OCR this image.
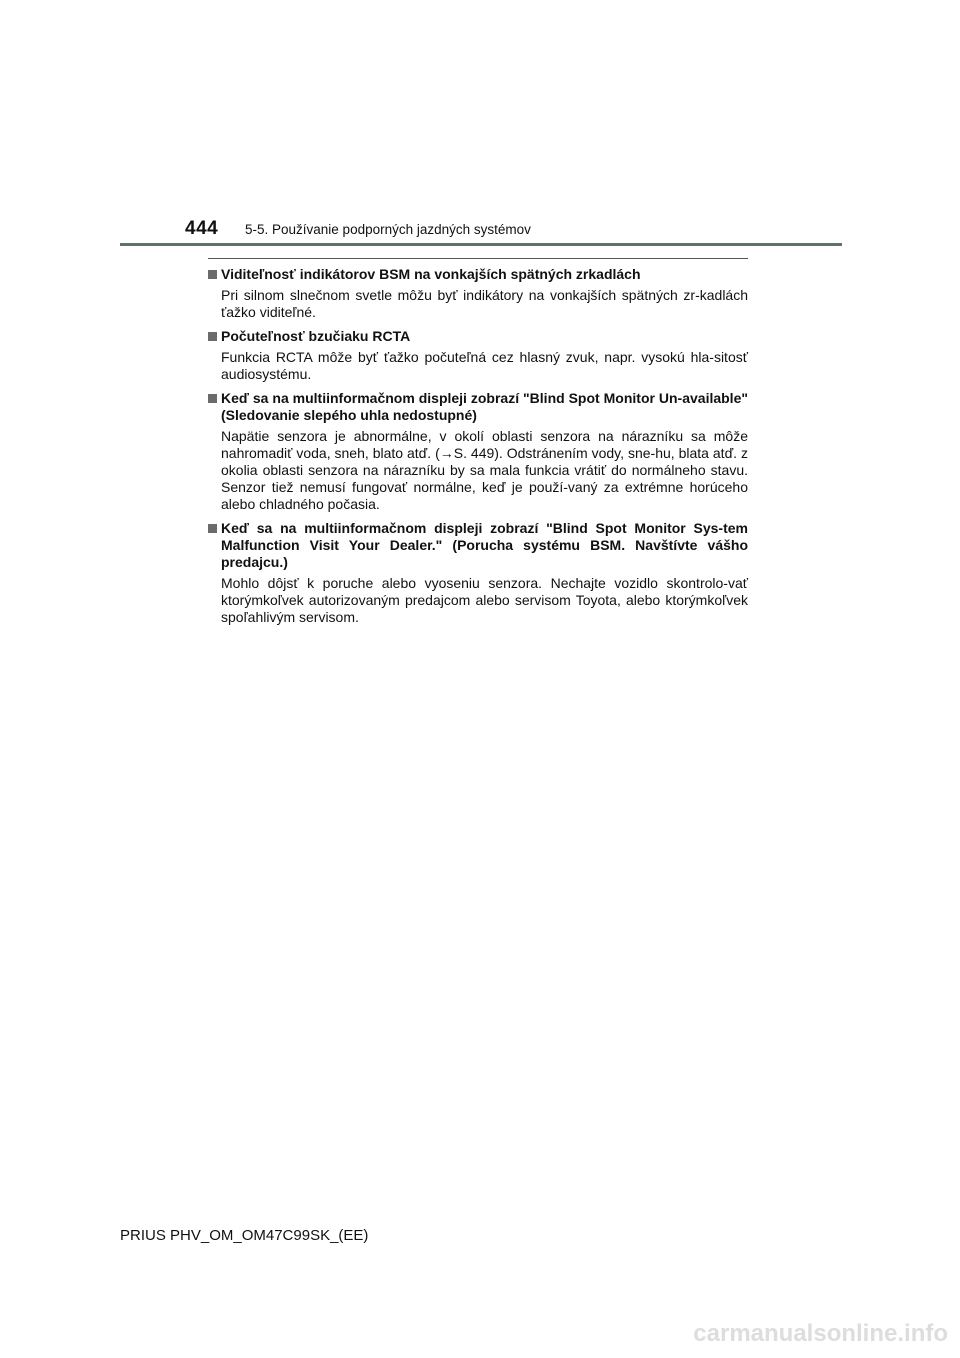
444 5-5. Používanie podporných jazdných systémov
Viditeľnosť indikátorov BSM na vonkajších spätných zrkadlách

Pri silnom slnečnom svetle môžu byť indikátory na vonkajších spätných zr-kadlách ťažko viditeľné.

Počuteľnosť bzučiaku RCTA

Funkcia RCTA môže byť ťažko počuteľná cez hlasný zvuk, napr. vysokú hla-sitosť audiosystému.

Keď sa na multiinformačnom displeji zobrazí "Blind Spot Monitor Un-available" (Sledovanie slepého uhla nedostupné)

Napätie senzora je abnormálne, v okolí oblasti senzora na nárazníku sa môže nahromadiť voda, sneh, blato atď. (→S. 449). Odstránením vody, sne-hu, blata atď. z okolia oblasti senzora na nárazníku by sa mala funkcia vrátiť do normálneho stavu. Senzor tiež nemusí fungovať normálne, keď je použí-vaný za extrémne horúceho alebo chladného počasia.

Keď sa na multiinformačnom displeji zobrazí "Blind Spot Monitor Sys-tem Malfunction Visit Your Dealer." (Porucha systému BSM. Navštívte vášho predajcu.)

Mohlo dôjsť k poruche alebo vyoseniu senzora. Nechajte vozidlo skontrolo-vať ktorýmkoľvek autorizovaným predajcom alebo servisom Toyota, alebo ktorýmkoľvek spoľahlivým servisom.

PRIUS PHV_OM_OM47C99SK_(EE)
carmanualsonline.info
